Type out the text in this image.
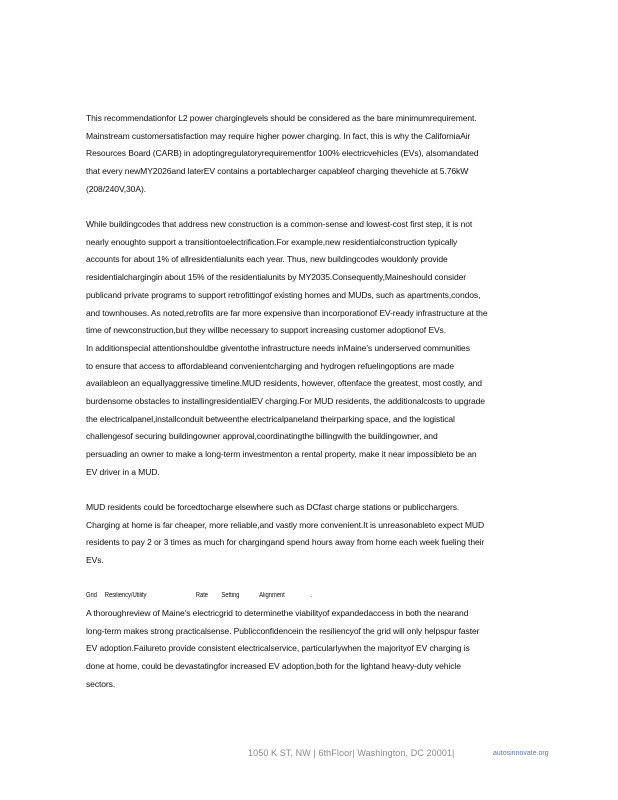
This recommendationfor L2 power charginglevels should be considered as the bare minimumrequirement.

Mainstream customersatisfaction may require higher power charging. In fact, this is why the CaliforniaAir

Resources Board (CARB) in adoptingregulatoryrequirementfor 100% electricvehicles (EVs), alsomandated

that every newMY2026and laterEV contains a portablecharger capableof charging thevehicle at 5.76kW

(208/240V,30A).

While buildingcodes that address new construction is a common-sense and lowest-cost first step, it is not

nearly enoughto support a transitiontoelectrification.For example,new residentialconstruction typically

accounts for about 1% of allresidentialunits each year. Thus, new buildingcodes wouldonly provide

residentialchargingin about 15% of the residentialunits by MY2035.Consequently,Maineshould consider

publicand private programs to support retrofittingof existing homes and MUDs, such as apartments,condos,

and townhouses. As noted,retrofits are far more expensive than incorporationof EV-ready infrastructure at the

time of newconstruction,but they willbe necessary to support increasing customer adoptionof EVs.

In additionspecial attentionshouldbe giventothe infrastructure needs inMaine's underserved communities

to ensure that access to affordableand convenientcharging and hydrogen refuelingoptions are made

availableon an equallyaggressive timeline.MUD residents, however, oftenface the greatest, most costly, and

burdensome obstacles to installingresidentialEV charging.For MUD residents, the additionalcosts to upgrade

the electricalpanel,installconduit betweenthe electricalpaneland theirparking space, and the logistical

challengesof securing buildingowner approval,coordinatingthe billingwith the buildingowner, and

persuading an owner to make a long-term investmenton a rental property, make it near impossibleto be an

EV driver in a MUD.

MUD residents could be forcedtocharge elsewhere such as DCfast charge stations or publicchargers.

Charging at home is far cheaper, more reliable,and vastly more convenient.It is unreasonableto expect MUD

residents to pay 2 or 3 times as much for chargingand spend hours away from home each week fueling their

EVs.

Grid Resiliency/Utility	Rate Setting	Alignment	.

A thoroughreview of Maine's electricgrid to determinethe viabilityof expandedaccess in both the nearand

long-term makes strong practicalsense. Publicconfidencein the resiliencyof the grid will only helpspur faster

EV adoption.Failureto provide consistent electricalservice, particularlywhen the majorityof EV charging is

done at home, could be devastatingfor increased EV adoption,both for the lightand heavy-duty vehicle

sectors.

1050 K ST, NW | 6thFloor| Washington, DC 20001|	autosinnovate.org
